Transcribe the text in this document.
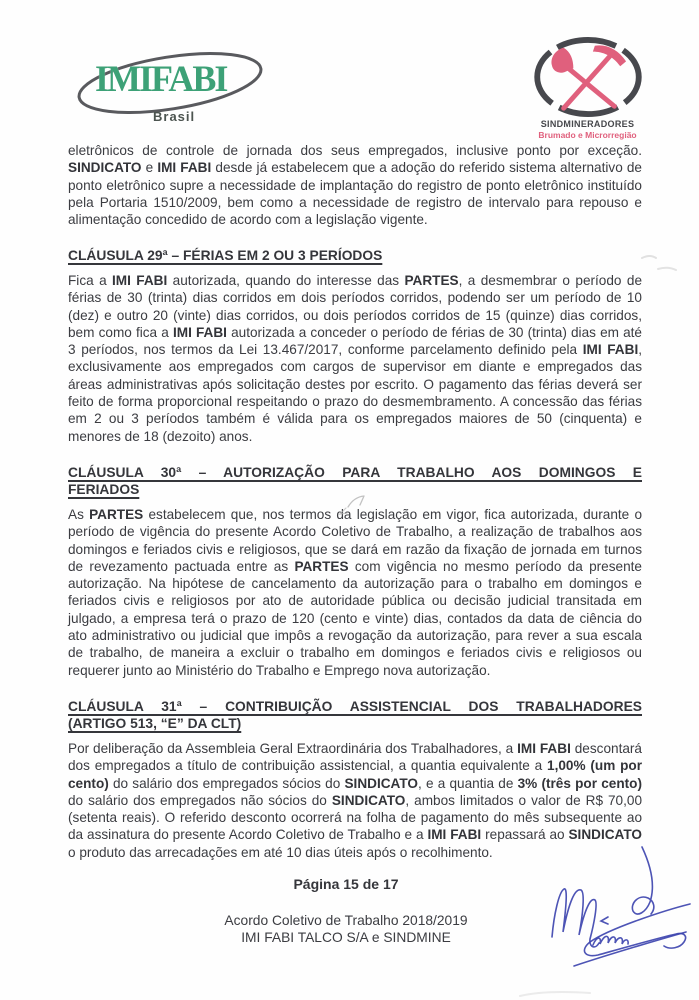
IMIFABI
Brasil	SINDMINERADORES
Brumado e Microrregião

eletrônicos de controle de jornada dos seus empregados, inclusive ponto por exceção. SINDICATO e IMI FABI desde já estabelecem que a adoção do referido sistema alternativo de ponto eletrônico supre a necessidade de implantação do registro de ponto eletrônico instituído pela Portaria 1510/2009, bem como a necessidade de registro de intervalo para repouso e alimentação concedido de acordo com a legislação vigente.

CLÁUSULA 29ª – FÉRIAS EM 2 OU 3 PERÍODOS

Fica a IMI FABI autorizada, quando do interesse das PARTES, a desmembrar o período de férias de 30 (trinta) dias corridos em dois períodos corridos, podendo ser um período de 10 (dez) e outro 20 (vinte) dias corridos, ou dois períodos corridos de 15 (quinze) dias corridos, bem como fica a IMI FABI autorizada a conceder o período de férias de 30 (trinta) dias em até 3 períodos, nos termos da Lei 13.467/2017, conforme parcelamento definido pela IMI FABI, exclusivamente aos empregados com cargos de supervisor em diante e empregados das áreas administrativas após solicitação destes por escrito. O pagamento das férias deverá ser feito de forma proporcional respeitando o prazo do desmembramento. A concessão das férias em 2 ou 3 períodos também é válida para os empregados maiores de 50 (cinquenta) e menores de 18 (dezoito) anos.

CLÁUSULA 30ª – AUTORIZAÇÃO PARA TRABALHO AOS DOMINGOS E
FERIADOS

As PARTES estabelecem que, nos termos da legislação em vigor, fica autorizada, durante o período de vigência do presente Acordo Coletivo de Trabalho, a realização de trabalhos aos domingos e feriados civis e religiosos, que se dará em razão da fixação de jornada em turnos de revezamento pactuada entre as PARTES com vigência no mesmo período da presente autorização. Na hipótese de cancelamento da autorização para o trabalho em domingos e feriados civis e religiosos por ato de autoridade pública ou decisão judicial transitada em julgado, a empresa terá o prazo de 120 (cento e vinte) dias, contados da data de ciência do ato administrativo ou judicial que impôs a revogação da autorização, para rever a sua escala de trabalho, de maneira a excluir o trabalho em domingos e feriados civis e religiosos ou requerer junto ao Ministério do Trabalho e Emprego nova autorização.

CLÁUSULA 31ª – CONTRIBUIÇÃO ASSISTENCIAL DOS TRABALHADORES
(ARTIGO 513, “E” DA CLT)

Por deliberação da Assembleia Geral Extraordinária dos Trabalhadores, a IMI FABI descontará dos empregados a título de contribuição assistencial, a quantia equivalente a 1,00% (um por cento) do salário dos empregados sócios do SINDICATO, e a quantia de 3% (três por cento) do salário dos empregados não sócios do SINDICATO, ambos limitados o valor de R$ 70,00 (setenta reais). O referido desconto ocorrerá na folha de pagamento do mês subsequente ao da assinatura do presente Acordo Coletivo de Trabalho e a IMI FABI repassará ao SINDICATO o produto das arrecadações em até 10 dias úteis após o recolhimento.

Página 15 de 17
Acordo Coletivo de Trabalho 2018/2019
IMI FABI TALCO S/A e SINDMINE
